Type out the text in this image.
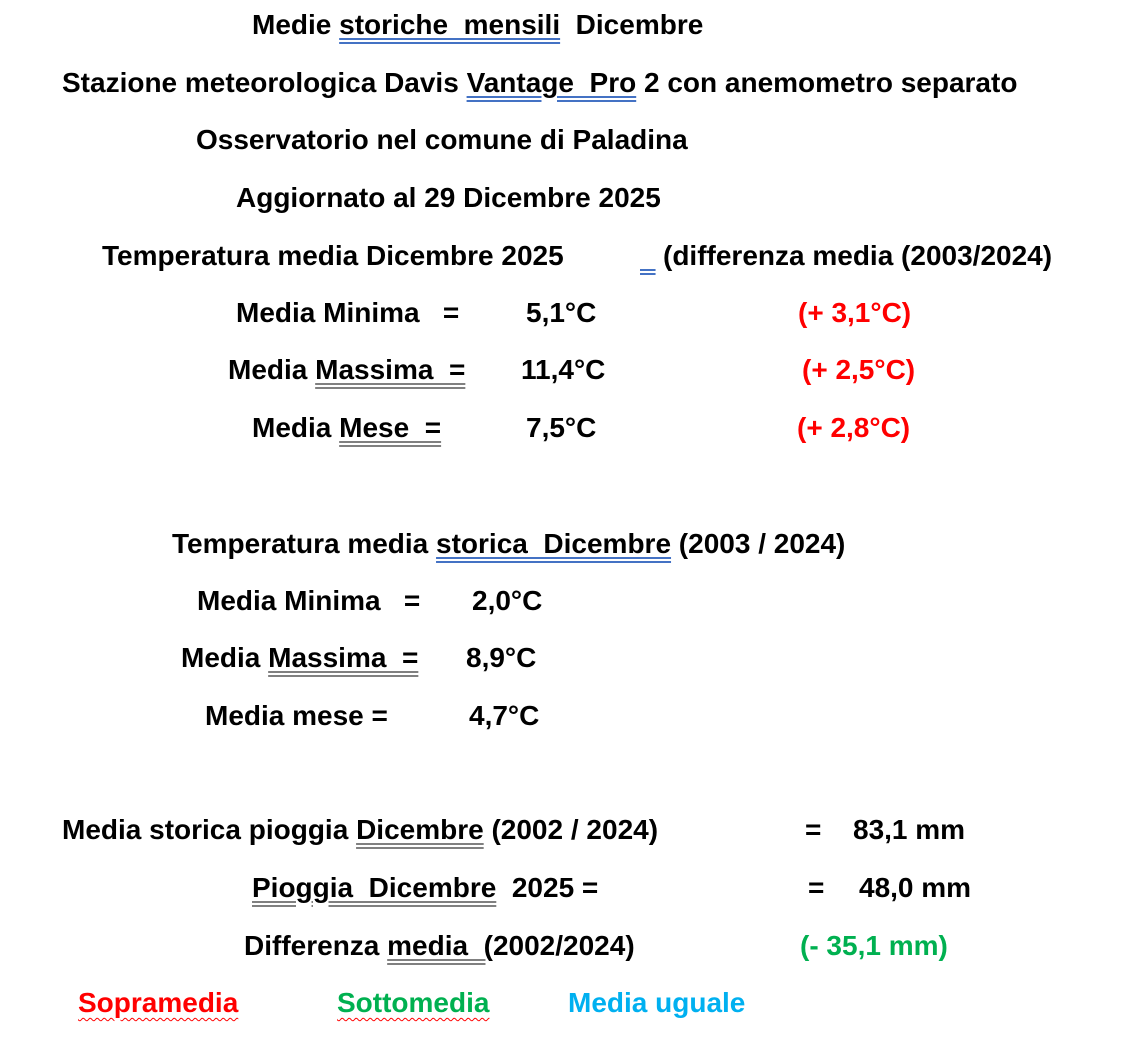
Medie storiche  mensili  Dicembre
Stazione meteorologica Davis Vantage  Pro 2 con anemometro separato
Osservatorio nel comune di Paladina
Aggiornato al 29 Dicembre 2025
Temperatura media Dicembre 2025
	(differenza media (2003/2024)
Media Minima   = 5,1°C	(+ 3,1°C)
Media Massima  = 11,4°C	(+ 2,5°C)
Media Mese  =	7,5°C	(+ 2,8°C)
Temperatura media storica  Dicembre (2003 / 2024)
Media Minima   = 2,0°C
Media Massima  = 8,9°C
Media mese =	4,7°C
Media storica pioggia Dicembre (2002 / 2024)	= 83,1 mm
Pioggia  Dicembre  2025 =	= 48,0 mm
Differenza media  (2002/2024)	(- 35,1 mm)
Sopramedia	Sottomedia	Media uguale
